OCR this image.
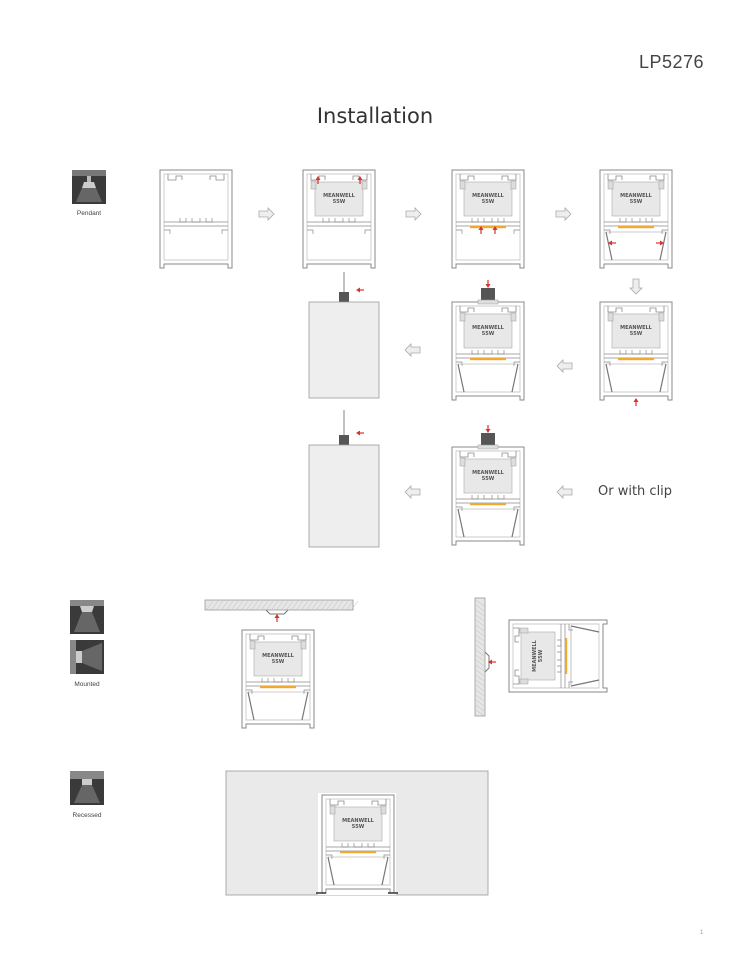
LP5276
Installation
Pendant
Mounted
Recessed
Or with clip
MEANWELL
55W
MEANWELL
55W
MEANWELL
55W
MEANWELL
55W
MEANWELL
55W
MEANWELL
55W
MEANWELL
55W	MEANWELL 55W
MEANWELL
55W
1
